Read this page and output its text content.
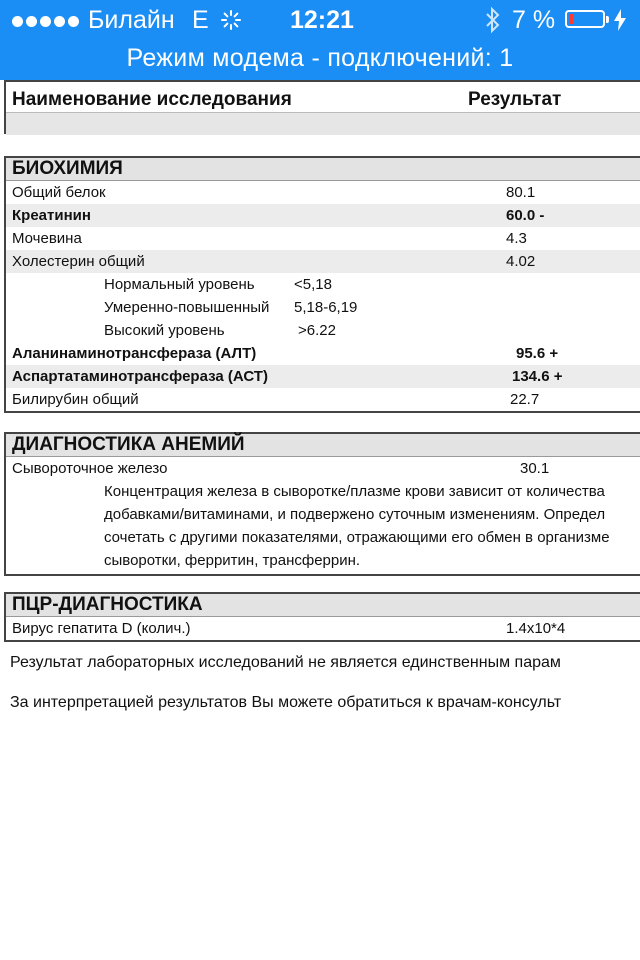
Билайн E	12:21	7 %
Режим модема - подключений: 1
Наименование исследования	Результат
БИОХИМИЯ
Общий белок	80.1
Креатинин	60.0 -
Мочевина	4.3
Холестерин общий	4.02
Нормальный уровень	<5,18
Умеренно-повышенный 5,18-6,19
Высокий уровень	>6.22
Аланинаминотрансфераза (АЛТ)	95.6 +
Аспартатаминотрансфераза (АСТ)	134.6 +
Билирубин общий	22.7
ДИАГНОСТИКА АНЕМИЙ
Сывороточное железо	30.1
Концентрация железа в сыворотке/плазме крови зависит от количества
добавками/витаминами, и подвержено суточным изменениям. Определ
сочетать с другими показателями, отражающими его обмен в организме
сыворотки, ферритин, трансферрин.
ПЦР-ДИАГНОСТИКА
Вирус гепатита D (колич.)	1.4x10*4
Результат лабораторных исследований не является единственным парам
За интерпретацией результатов Вы можете обратиться к врачам-консульт
